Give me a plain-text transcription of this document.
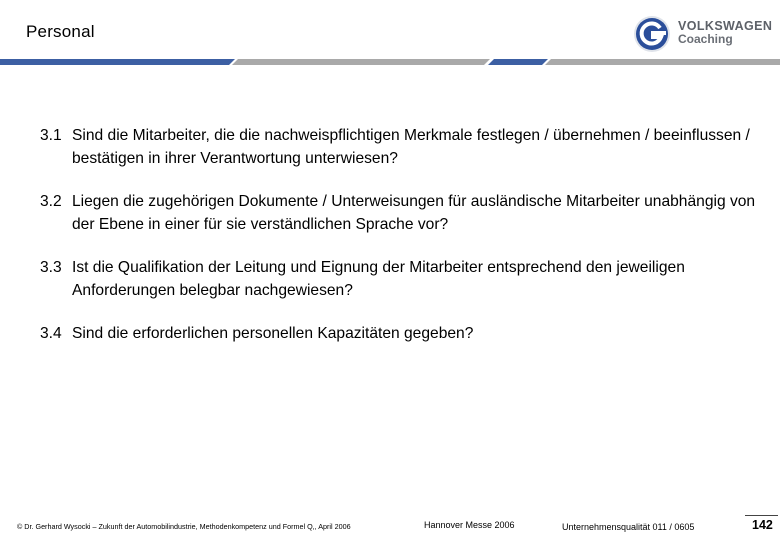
Personal	VOLKSWAGEN
Coaching
3.1 Sind die Mitarbeiter, die die nachweispflichtigen Merkmale festlegen / übernehmen / beeinflussen / bestätigen in ihrer Verantwortung unterwiesen?
3.2 Liegen die zugehörigen Dokumente / Unterweisungen für ausländische Mitarbeiter unabhängig von der Ebene in einer für sie verständlichen Sprache vor?
3.3 Ist die Qualifikation der Leitung und Eignung der Mitarbeiter entsprechend den jeweiligen Anforderungen belegbar nachgewiesen?
3.4 Sind die erforderlichen personellen Kapazitäten gegeben?
© Dr. Gerhard Wysocki – Zukunft der Automobilindustrie, Methodenkompetenz und Formel Q,, April 2006	Hannover Messe 2006	Unternehmensqualität 011 / 0605	142
